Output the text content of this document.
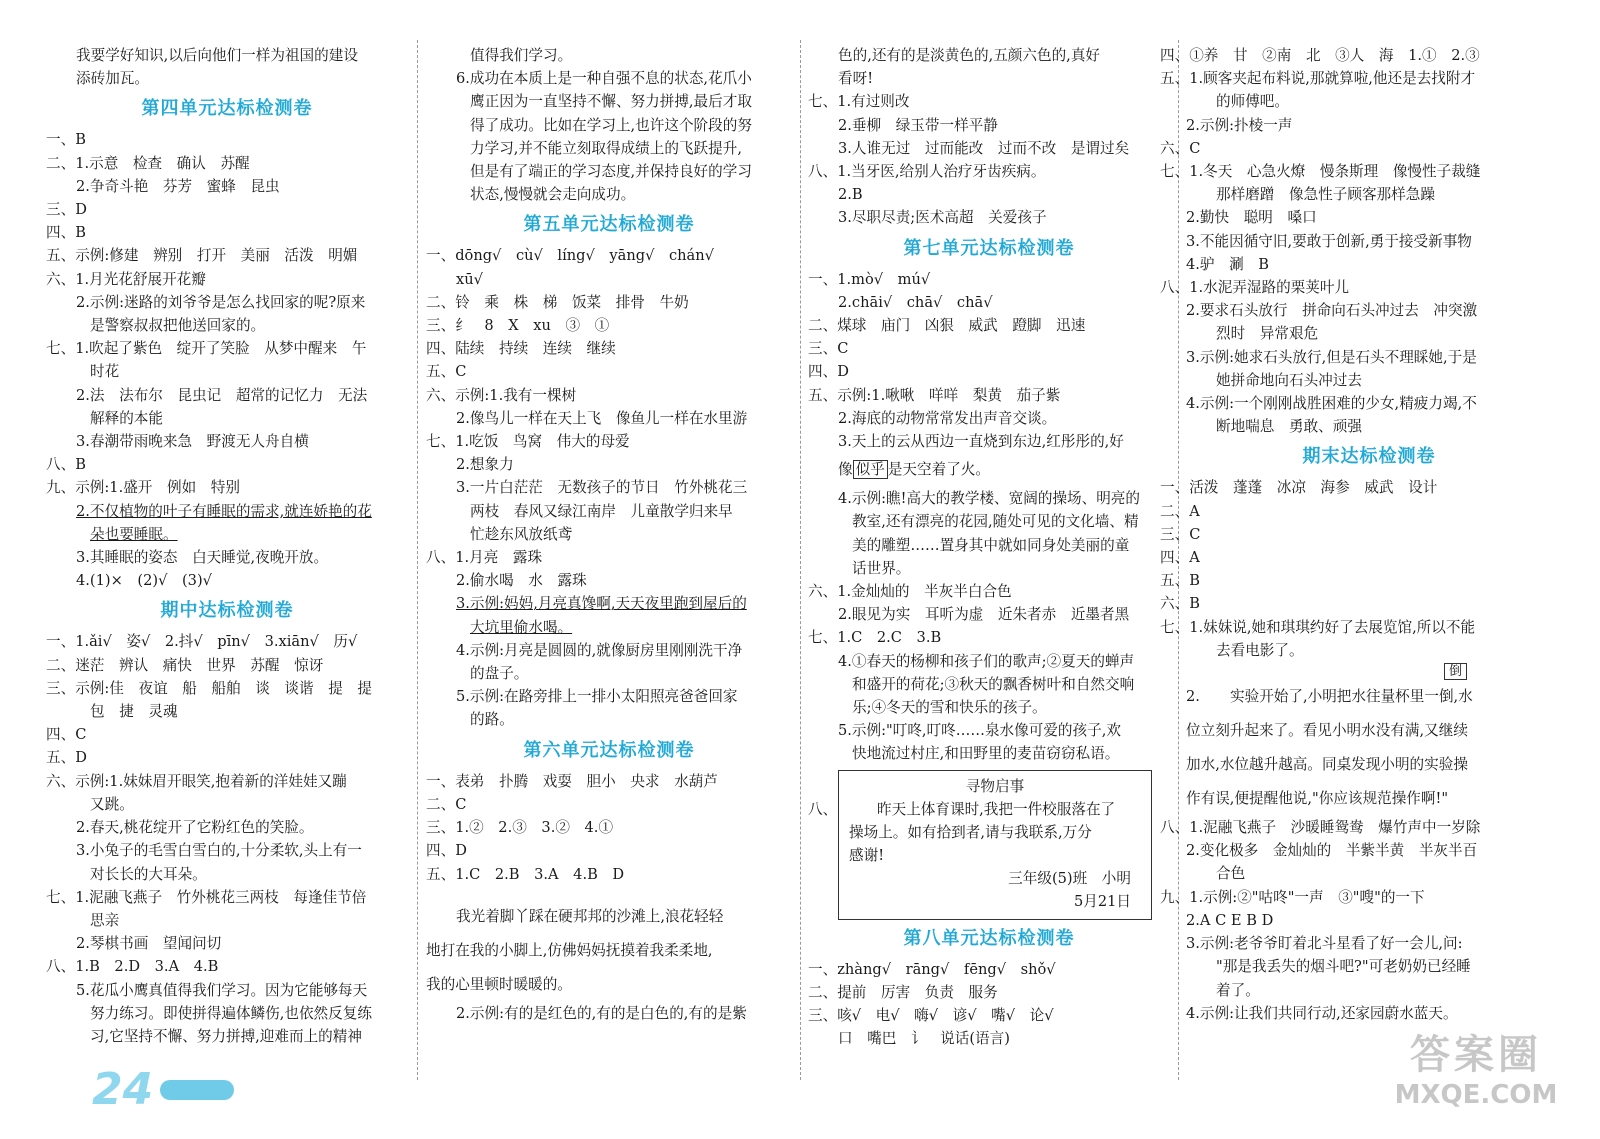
我要学好知识,以后向他们一样为祖国的建设
添砖加瓦。
第四单元达标检测卷
一、B
二、1.示意　检查　确认　苏醒
2.争奇斗艳　芬芳　蜜蜂　昆虫
三、D
四、B
五、示例:修建　辨别　打开　美丽　活泼　明媚
六、1.月光花舒展开花瓣
2.示例:迷路的刘爷爷是怎么找回家的呢?原来
是警察叔叔把他送回家的。
七、1.吹起了紫色　绽开了笑脸　从梦中醒来　午
时花
2.法　法布尔　昆虫记　超常的记忆力　无法
解释的本能
3.春潮带雨晚来急　野渡无人舟自横
八、B
九、示例:1.盛开　例如　特别
2.不仅植物的叶子有睡眠的需求,就连娇艳的花
朵也要睡眠。
3.其睡眠的姿态　白天睡觉,夜晚开放。
4.(1)×　(2)√　(3)√
期中达标检测卷
一、1.ǎi√　姿√　2.抖√　pīn√　3.xiān√　历√
二、迷茫　辨认　痛快　世界　苏醒　惊讶
三、示例:佳　夜谊　船　船舶　谈　谈谐　提　提
包　捷　灵魂
四、C
五、D
六、示例:1.妹妹眉开眼笑,抱着新的洋娃娃又蹦
又跳。
2.春天,桃花绽开了它粉红色的笑脸。
3.小兔子的毛雪白雪白的,十分柔软,头上有一
对长长的大耳朵。
七、1.泥融飞燕子　竹外桃花三两枝　每逢佳节倍
思亲
2.琴棋书画　望闻问切
八、1.B　2.D　3.A　4.B
5.花瓜小鹰真值得我们学习。因为它能够每天
努力练习。即使拼得遍体鳞伤,也依然反复练
习,它坚持不懈、努力拼搏,迎难而上的精神
值得我们学习。
6.成功在本质上是一种自强不息的状态,花爪小
鹰正因为一直坚持不懈、努力拼搏,最后才取
得了成功。比如在学习上,也许这个阶段的努
力学习,并不能立刻取得成绩上的飞跃提升,
但是有了端正的学习态度,并保持良好的学习
状态,慢慢就会走向成功。
第五单元达标检测卷
一、dōng√　cù√　líng√　yāng√　chán√
xū√
二、铃　乘　株　梯　饭菜　排骨　牛奶
三、纟　8　X　xu　③　①
四、陆续　持续　连续　继续
五、C
六、示例:1.我有一棵树
2.像鸟儿一样在天上飞　像鱼儿一样在水里游
七、1.吃饭　鸟窝　伟大的母爱
2.想象力
3.一片白茫茫　无数孩子的节日　竹外桃花三
两枝　春风又绿江南岸　儿童散学归来早
忙趁东风放纸鸢
八、1.月亮　露珠
2.偷水喝　水　露珠
3.示例:妈妈,月亮真馋啊,天天夜里跑到屋后的
大坑里偷水喝。
4.示例:月亮是圆圆的,就像厨房里刚刚洗干净
的盘子。
5.示例:在路旁排上一排小太阳照亮爸爸回家
的路。
第六单元达标检测卷
一、表弟　扑腾　戏耍　胆小　央求　水葫芦
二、C
三、1.②　2.③　3.②　4.①
四、D
五、1.C　2.B　3.A　4.B　D

我光着脚丫踩在硬邦邦的沙滩上,浪花轻轻
地打在我的小脚上,仿佛妈妈抚摸着我柔柔地,
我的心里顿时暖暖的。
2.示例:有的是红色的,有的是白色的,有的是紫
色的,还有的是淡黄色的,五颜六色的,真好
看呀!
七、1.有过则改
2.垂柳　绿玉带一样平静
3.人谁无过　过而能改　过而不改　是谓过矣
八、1.当牙医,给别人治疗牙齿疾病。
2.B
3.尽职尽责;医术高超　关爱孩子
第七单元达标检测卷
一、1.mò√　mú√
2.chāi√　chā√　chā√
二、煤球　庙门　凶狠　威武　蹬脚　迅速
三、C
四、D
五、示例:1.啾啾　咩咩　梨黄　茄子紫
2.海底的动物常常发出声音交谈。
3.天上的云从西边一直烧到东边,红彤彤的,好
像 似乎 是天空着了火。
4.示例:瞧!高大的教学楼、宽阔的操场、明亮的
教室,还有漂亮的花园,随处可见的文化墙、精
美的雕塑……置身其中就如同身处美丽的童
话世界。
六、1.金灿灿的　半灰半白合色
2.眼见为实　耳听为虚　近朱者赤　近墨者黑
七、1.C　2.C　3.B
4.①春天的杨柳和孩子们的歌声;②夏天的蝉声
和盛开的荷花;③秋天的飘香树叶和自然交响
乐;④冬天的雪和快乐的孩子。
5.示例:"叮咚,叮咚……泉水像可爱的孩子,欢
快地流过村庄,和田野里的麦苗窃窃私语。
八、
寻物启事
昨天上体育课时,我把一件校服落在了
操场上。如有拾到者,请与我联系,万分
感谢!
三年级(5)班　小明
5月21日
第八单元达标检测卷
一、zhàng√　rāng√　fēng√　shǒ√
二、提前　厉害　负责　服务
三、咳√　电√　嗨√　谚√　嘴√　论√
口　嘴巴　讠　说话(语言)
四、①养　甘　②南　北　③人　海　1.①　2.③
五、1.顾客夹起布料说,那就算啦,他还是去找附才
的师傅吧。
2.示例:扑棱一声
六、C
七、1.冬天　心急火燎　慢条斯理　像慢性子裁缝
那样磨蹭　像急性子顾客那样急躁
2.勤快　聪明　嗓口
3.不能因循守旧,要敢于创新,勇于接受新事物
4.驴　涮　B
八、1.水泥弄湿路的栗荚叶儿
2.要求石头放行　拼命向石头冲过去　冲突激
烈时　异常艰危
3.示例:她求石头放行,但是石头不理睬她,于是
她拼命地向石头冲过去
4.示例:一个刚刚战胜困难的少女,精疲力竭,不
断地喘息　勇敢、顽强
期末达标检测卷
一、活泼　蓬蓬　冰凉　海参　威武　设计
二、A
三、C
四、A
五、B
六、B
七、1.妹妹说,她和琪琪约好了去展览馆,所以不能
去看电影了。
倒
2. 实验开始了,小明把水往量杯里一倒,水
位立刻升起来了。看见小明水没有满,又继续
加水,水位越升越高。同桌发现小明的实验操
作有误,便提醒他说,"你应该规范操作啊!"
八、1.泥融飞燕子　沙暖睡鸳鸯　爆竹声中一岁除
2.变化极多　金灿灿的　半紫半黄　半灰半百
合色
九、1.示例:②"咕咚"一声　③"嗖"的一下
2.A C E B D
3.示例:老爷爷盯着北斗星看了好一会儿,问:
"那是我丢失的烟斗吧?"可老奶奶已经睡
着了。
4.示例:让我们共同行动,还家园蔚水蓝天。
24
答案圈
MXQE.COM
